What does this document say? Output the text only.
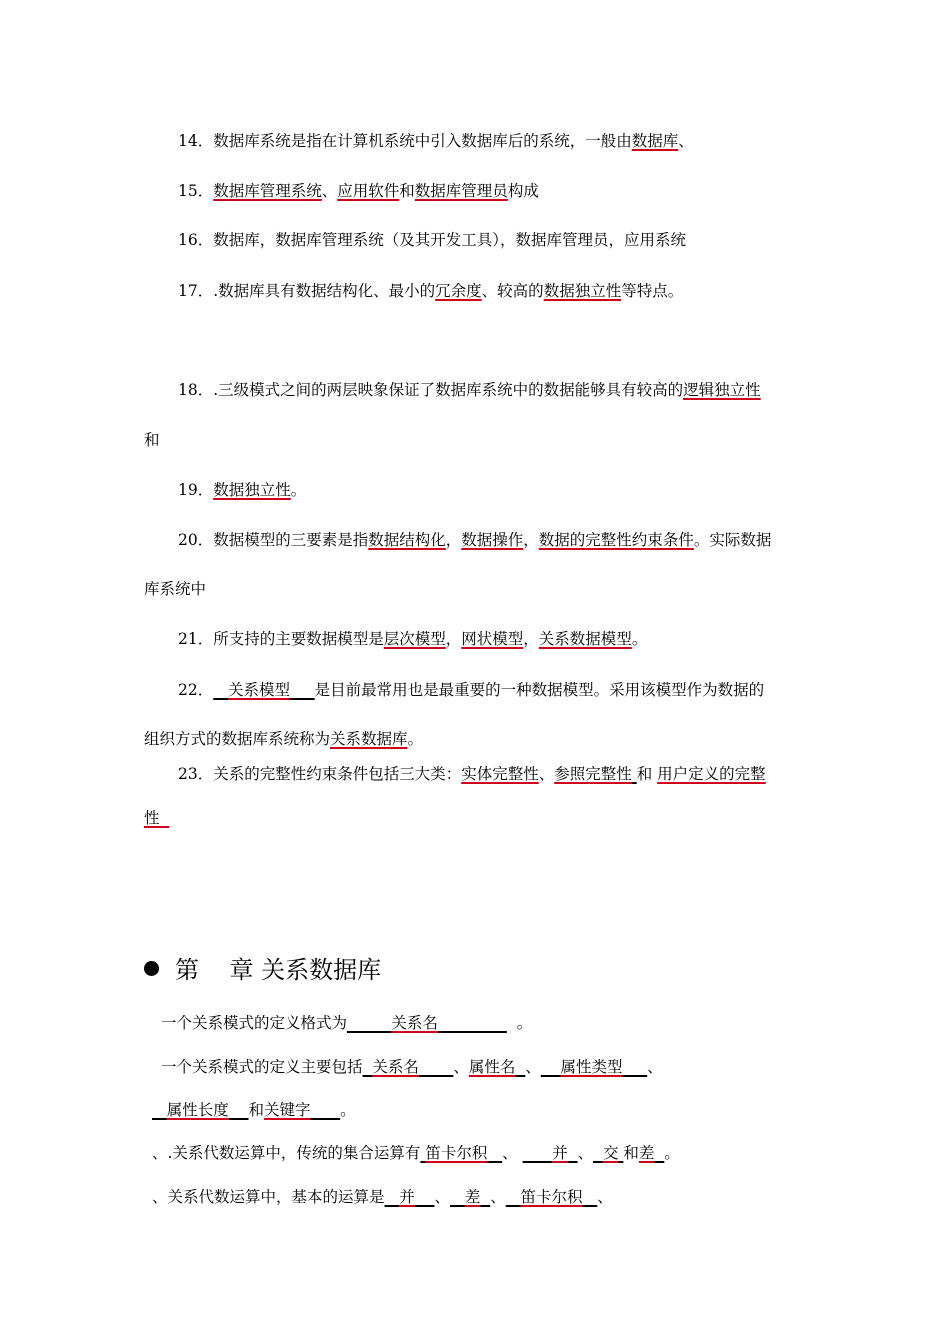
14．数据库系统是指在计算机系统中引入数据库后的系统，一般由数据库、
15．数据库管理系统、应用软件和数据库管理员构成
16．数据库，数据库管理系统（及其开发工具），数据库管理员，应用系统
17．.数据库具有数据结构化、最小的冗余度、较高的数据独立性等特点。
18．.三级模式之间的两层映象保证了数据库系统中的数据能够具有较高的逻辑独立性
和
19．数据独立性。
20．数据模型的三要素是指数据结构化，数据操作，数据的完整性约束条件。实际数据
库系统中
21．所支持的主要数据模型是层次模型，网状模型，关系数据模型。
22． 关系模型 是目前最常用也是最重要的一种数据模型。采用该模型作为数据的
组织方式的数据库系统称为关系数据库。
23．关系的完整性约束条件包括三大类：实体完整性、参照完整性 和 用户定义的完整
性
第    章 关系数据库
一个关系模式的定义格式为	关系名	。
一个关系模式的定义主要包括 关系名 、属性名 、 属性类型 、
属性长度 和关键字 。
、.关系代数运算中，传统的集合运算有 笛卡尔积 、 并 、 交 和差 。
、关系代数运算中，基本的运算是 并 、 差 、 笛卡尔积 、
